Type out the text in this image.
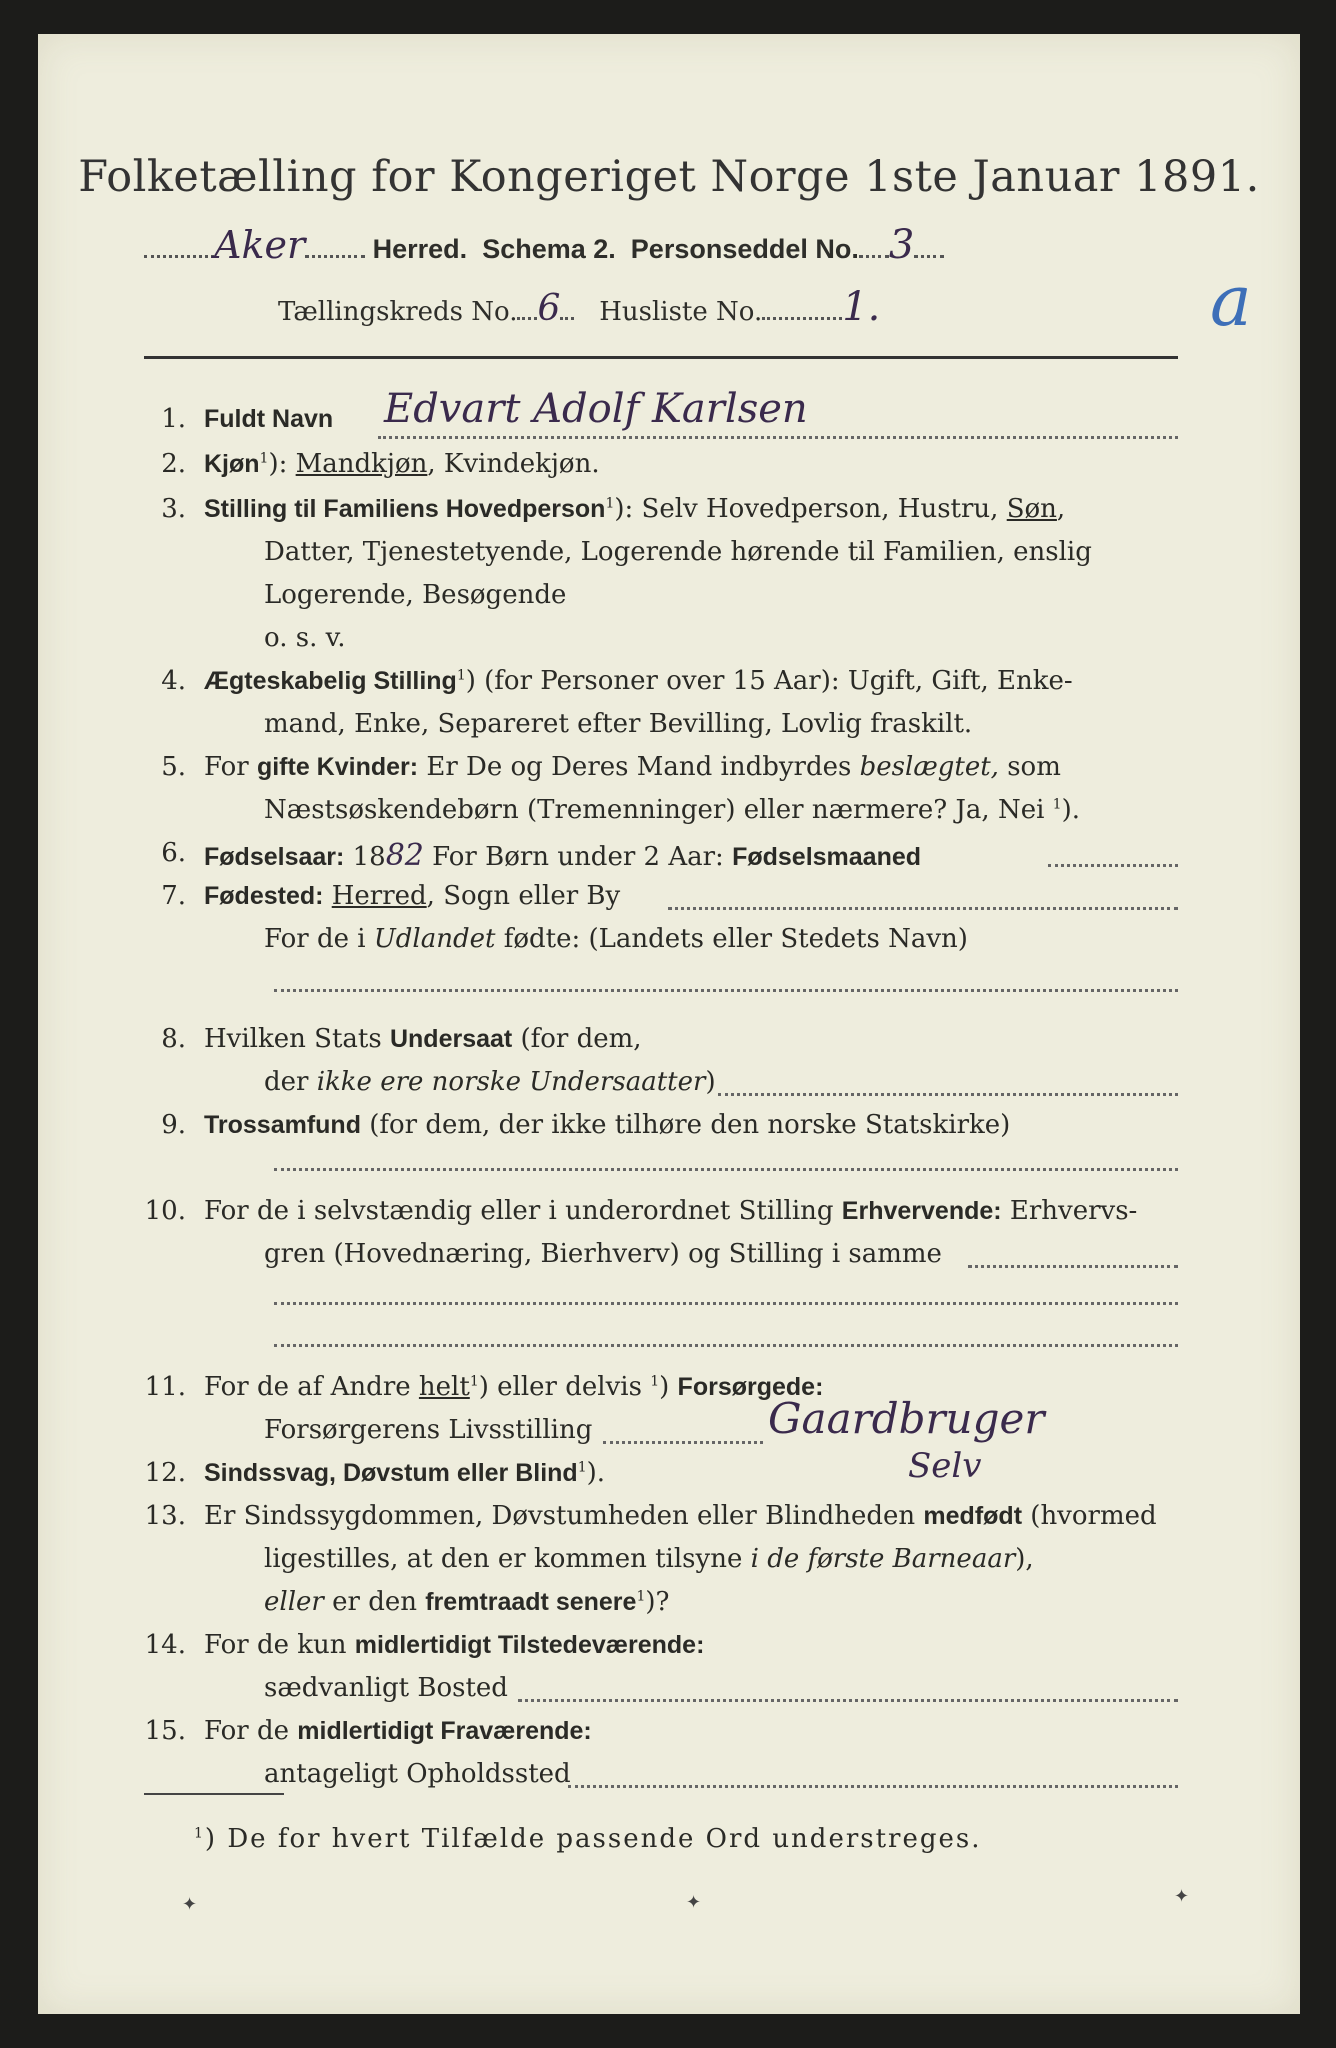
Folketælling for Kongeriget Norge 1ste Januar 1891.
Aker	Herred. Schema 2. Personseddel No. 3
Tællingskreds No. 6 Husliste No. 1.	a
1. Fuldt Navn Edvart Adolf Karlsen
2. Kjøn$^1$): Mandkjøn, Kvindekjøn.
3. Stilling til Familiens Hovedperson$^1$): Selv Hovedperson, Hustru, Søn,
Datter, Tjenestetyende, Logerende hørende til Familien, enslig
Logerende, Besøgende
o. s. v.
4. Ægteskabelig Stilling$^1$) (for Personer over 15 Aar): Ugift, Gift, Enke-
mand, Enke, Separeret efter Bevilling, Lovlig fraskilt.
5. For gifte Kvinder: Er De og Deres Mand indbyrdes beslægtet, som
Næstsøskendebørn (Tremenninger) eller nærmere? Ja, Nei $^1$).
6. Fødselsaar: 1882 For Børn under 2 Aar: Fødselsmaaned
7. Fødested: Herred, Sogn eller By
For de i Udlandet fødte: (Landets eller Stedets Navn)
8. Hvilken Stats Undersaat (for dem,
der ikke ere norske Undersaatter)
9. Trossamfund (for dem, der ikke tilhøre den norske Statskirke)
10. For de i selvstændig eller i underordnet Stilling Erhvervende: Erhvervs-
gren (Hovednæring, Bierhverv) og Stilling i samme
11. For de af Andre helt$^1$) eller delvis $^1$) Forsørgede:
Forsørgerens Livsstilling	Gaardbruger
12. Sindssvag, Døvstum eller Blind$^1$).	Selv
13. Er Sindssygdommen, Døvstumheden eller Blindheden medfødt (hvormed
ligestilles, at den er kommen tilsyne i de første Barneaar),
eller er den fremtraadt senere$^1$)?
14. For de kun midlertidigt Tilstedeværende:
sædvanligt Bosted
15. For de midlertidigt Fraværende:
antageligt Opholdssted
$^1$) De for hvert Tilfælde passende Ord understreges.
✦	✦	✦
